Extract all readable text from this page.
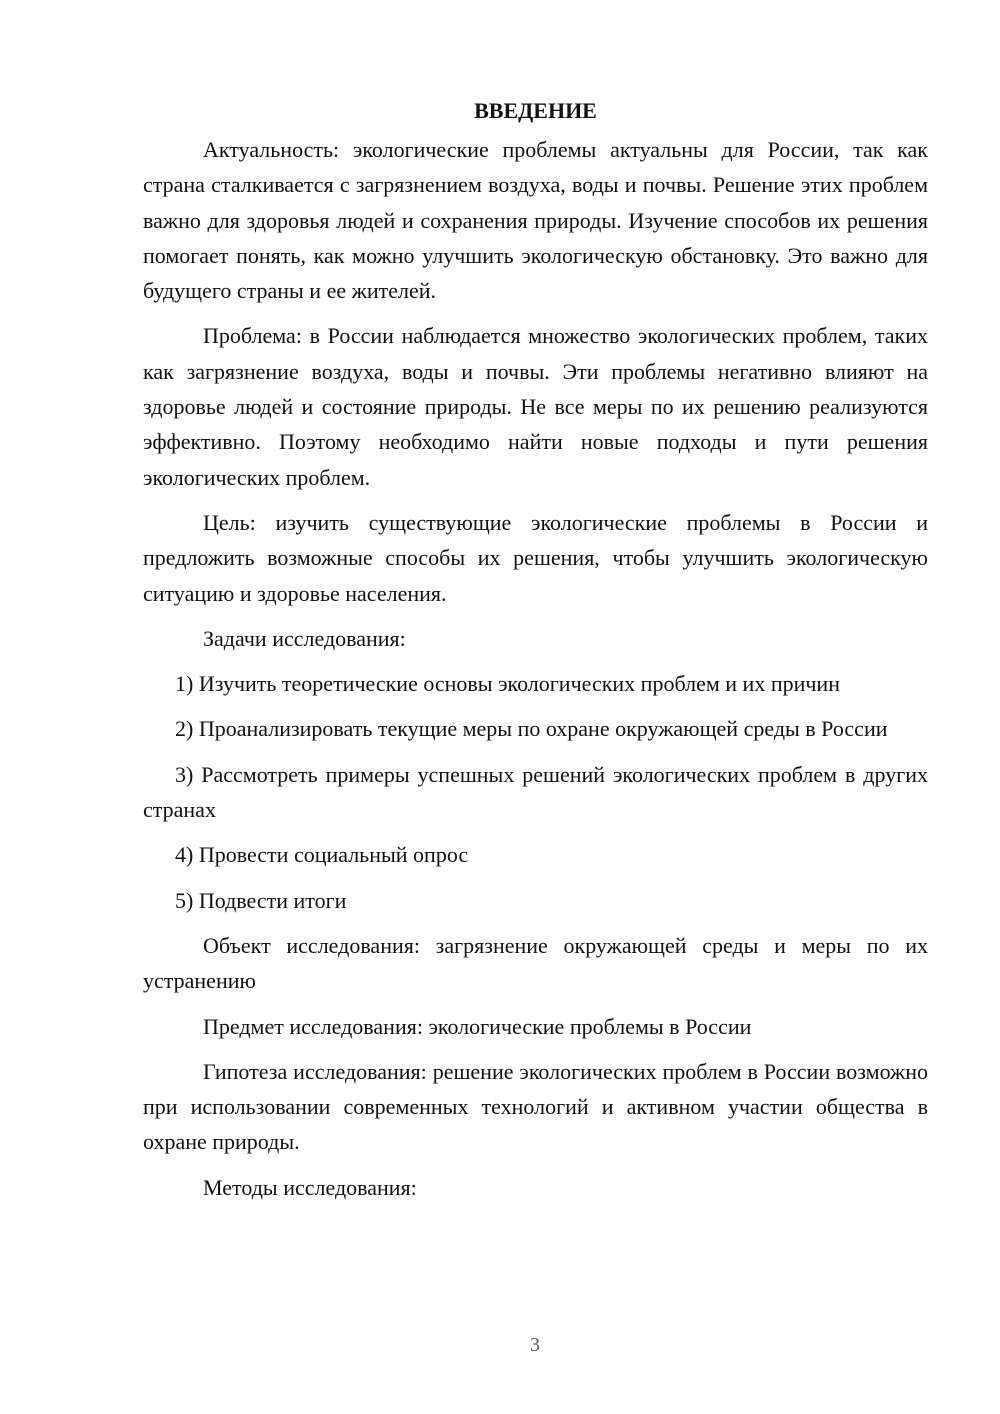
ВВЕДЕНИЕ

Актуальность: экологические проблемы актуальны для России, так как страна сталкивается с загрязнением воздуха, воды и почвы. Решение этих проблем важно для здоровья людей и сохранения природы. Изучение способов их решения помогает понять, как можно улучшить экологическую обстановку. Это важно для будущего страны и ее жителей.

Проблема: в России наблюдается множество экологических проблем, таких как загрязнение воздуха, воды и почвы. Эти проблемы негативно влияют на здоровье людей и состояние природы. Не все меры по их решению реализуются эффективно. Поэтому необходимо найти новые подходы и пути решения экологических проблем.

Цель: изучить существующие экологические проблемы в России и предложить возможные способы их решения, чтобы улучшить экологическую ситуацию и здоровье населения.

Задачи исследования:

1) Изучить теоретические основы экологических проблем и их причин

2) Проанализировать текущие меры по охране окружающей среды в России

3) Рассмотреть примеры успешных решений экологических проблем в других странах

4) Провести социальный опрос

5) Подвести итоги

Объект исследования: загрязнение окружающей среды и меры по их устранению

Предмет исследования: экологические проблемы в России

Гипотеза исследования: решение экологических проблем в России возможно при использовании современных технологий и активном участии общества в охране природы.

Методы исследования:

3
